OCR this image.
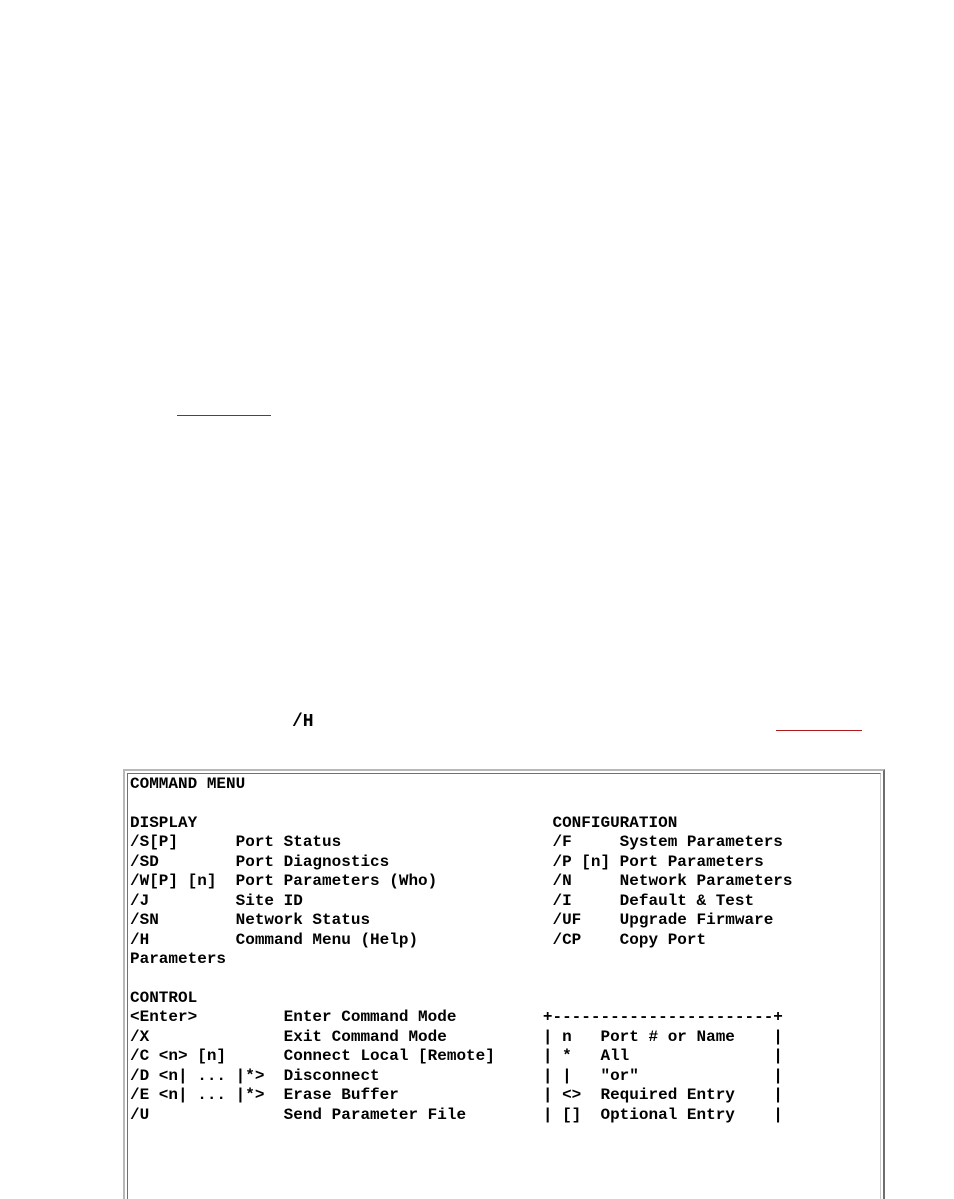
/H
COMMAND MENU

DISPLAY                                     CONFIGURATION
/S[P]      Port Status                      /F     System Parameters
/SD        Port Diagnostics                 /P [n] Port Parameters
/W[P] [n]  Port Parameters (Who)            /N     Network Parameters
/J         Site ID                          /I     Default & Test
/SN        Network Status                   /UF    Upgrade Firmware
/H         Command Menu (Help)              /CP    Copy Port
Parameters

CONTROL
<Enter>         Enter Command Mode         +-----------------------+
/X              Exit Command Mode          | n   Port # or Name    |
/C <n> [n]      Connect Local [Remote]     | *   All               |
/D <n| ... |*>  Disconnect                 | |   "or"              |
/E <n| ... |*>  Erase Buffer               | <>  Required Entry    |
/U              Send Parameter File        | []  Optional Entry    |
